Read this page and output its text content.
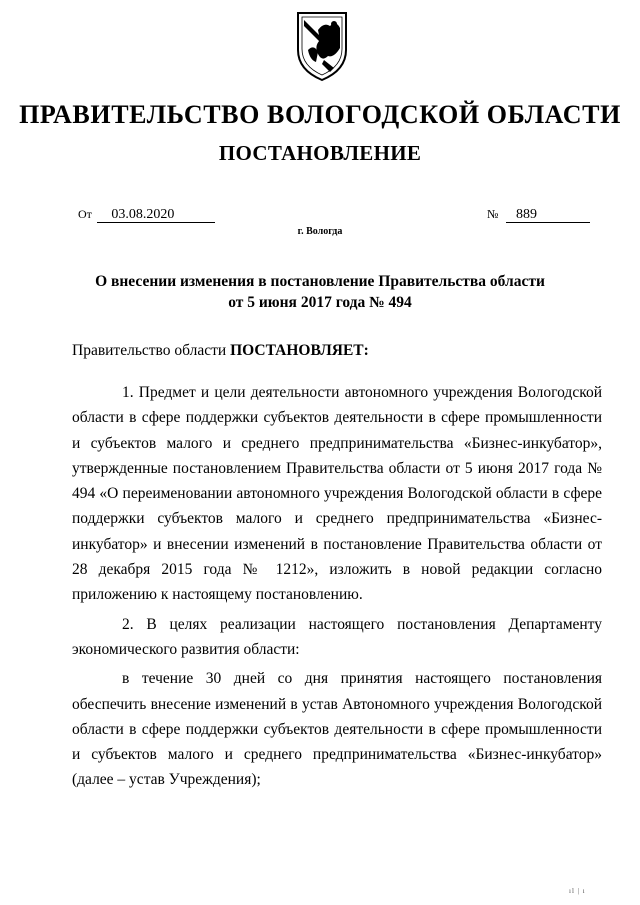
ПРАВИТЕЛЬСТВО ВОЛОГОДСКОЙ ОБЛАСТИ
ПОСТАНОВЛЕНИЕ
От 03.08.2020	№ 889
г. Вологда
О внесении изменения в постановление Правительства области
от 5 июня 2017 года № 494
Правительство области ПОСТАНОВЛЯЕТ:

1. Предмет и цели деятельности автономного учреждения Вологодской области в сфере поддержки субъектов деятельности в сфере промышленности и субъектов малого и среднего предпринимательства «Бизнес-инкубатор», утвержденные постановлением Правительства области от 5 июня 2017 года № 494 «О переименовании автономного учреждения Вологодской области в сфере поддержки субъектов малого и среднего предпринимательства «Бизнес-инкубатор» и внесении изменений в постановление Правительства области от 28 декабря 2015 года № 1212», изложить в новой редакции согласно приложению к настоящему постановлению.

2. В целях реализации настоящего постановления Департаменту экономического развития области:

в течение 30 дней со дня принятия настоящего постановления обеспечить внесение изменений в устав Автономного учреждения Вологодской области в сфере поддержки субъектов деятельности в сфере промышленности и субъектов малого и среднего предпринимательства «Бизнес-инкубатор» (далее – устав Учреждения);

ıl | ı
